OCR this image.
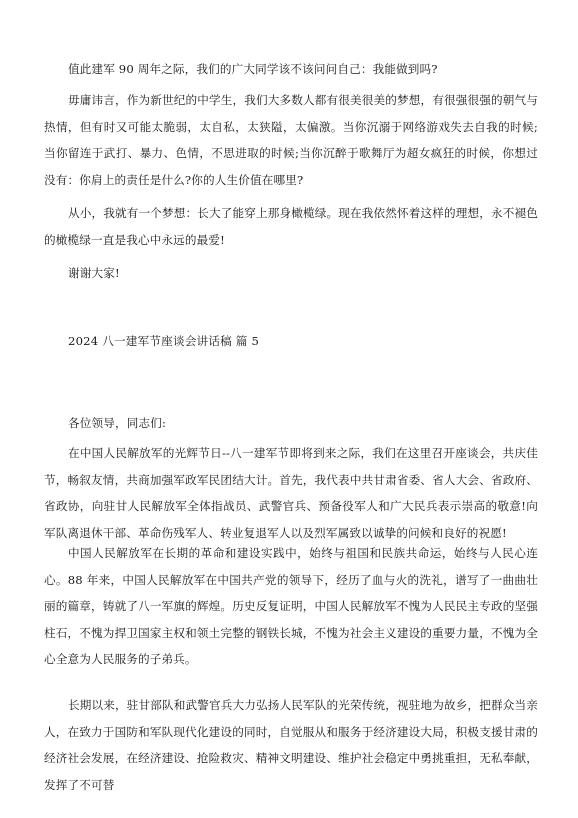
值此建军 90 周年之际，我们的广大同学该不该问问自己：我能做到吗?

毋庸讳言，作为新世纪的中学生，我们大多数人都有很美很美的梦想，有很强很强的朝气与热情，但有时又可能太脆弱，太自私，太狭隘，太偏激。当你沉溺于网络游戏失去自我的时候;当你留连于武打、暴力、色情，不思进取的时候;当你沉醉于歌舞厅为超女疯狂的时候，你想过没有：你肩上的责任是什么?你的人生价值在哪里?

从小，我就有一个梦想：长大了能穿上那身橄榄绿。现在我依然怀着这样的理想，永不褪色的橄榄绿一直是我心中永远的最爱!

谢谢大家!

2024 八一建军节座谈会讲话稿 篇 5

各位领导，同志们:

在中国人民解放军的光辉节日--八一建军节即将到来之际，我们在这里召开座谈会，共庆佳节，畅叙友情，共商加强军政军民团结大计。首先，我代表中共甘肃省委、省人大会、省政府、省政协，向驻甘人民解放军全体指战员、武警官兵、预备役军人和广大民兵表示崇高的敬意!向军队离退休干部、革命伤残军人、转业复退军人以及烈军属致以诚挚的问候和良好的祝愿!

中国人民解放军在长期的革命和建设实践中，始终与祖国和民族共命运，始终与人民心连心。88 年来，中国人民解放军在中国共产党的领导下，经历了血与火的洗礼，谱写了一曲曲壮丽的篇章，铸就了八一军旗的辉煌。历史反复证明，中国人民解放军不愧为人民民主专政的坚强柱石，不愧为捍卫国家主权和领土完整的钢铁长城，不愧为社会主义建设的重要力量，不愧为全心全意为人民服务的子弟兵。

长期以来，驻甘部队和武警官兵大力弘扬人民军队的光荣传统，视驻地为故乡，把群众当亲人，在致力于国防和军队现代化建设的同时，自觉服从和服务于经济建设大局，积极支援甘肃的经济社会发展，在经济建设、抢险救灾、精神文明建设、维护社会稳定中勇挑重担，无私奉献，发挥了不可替
